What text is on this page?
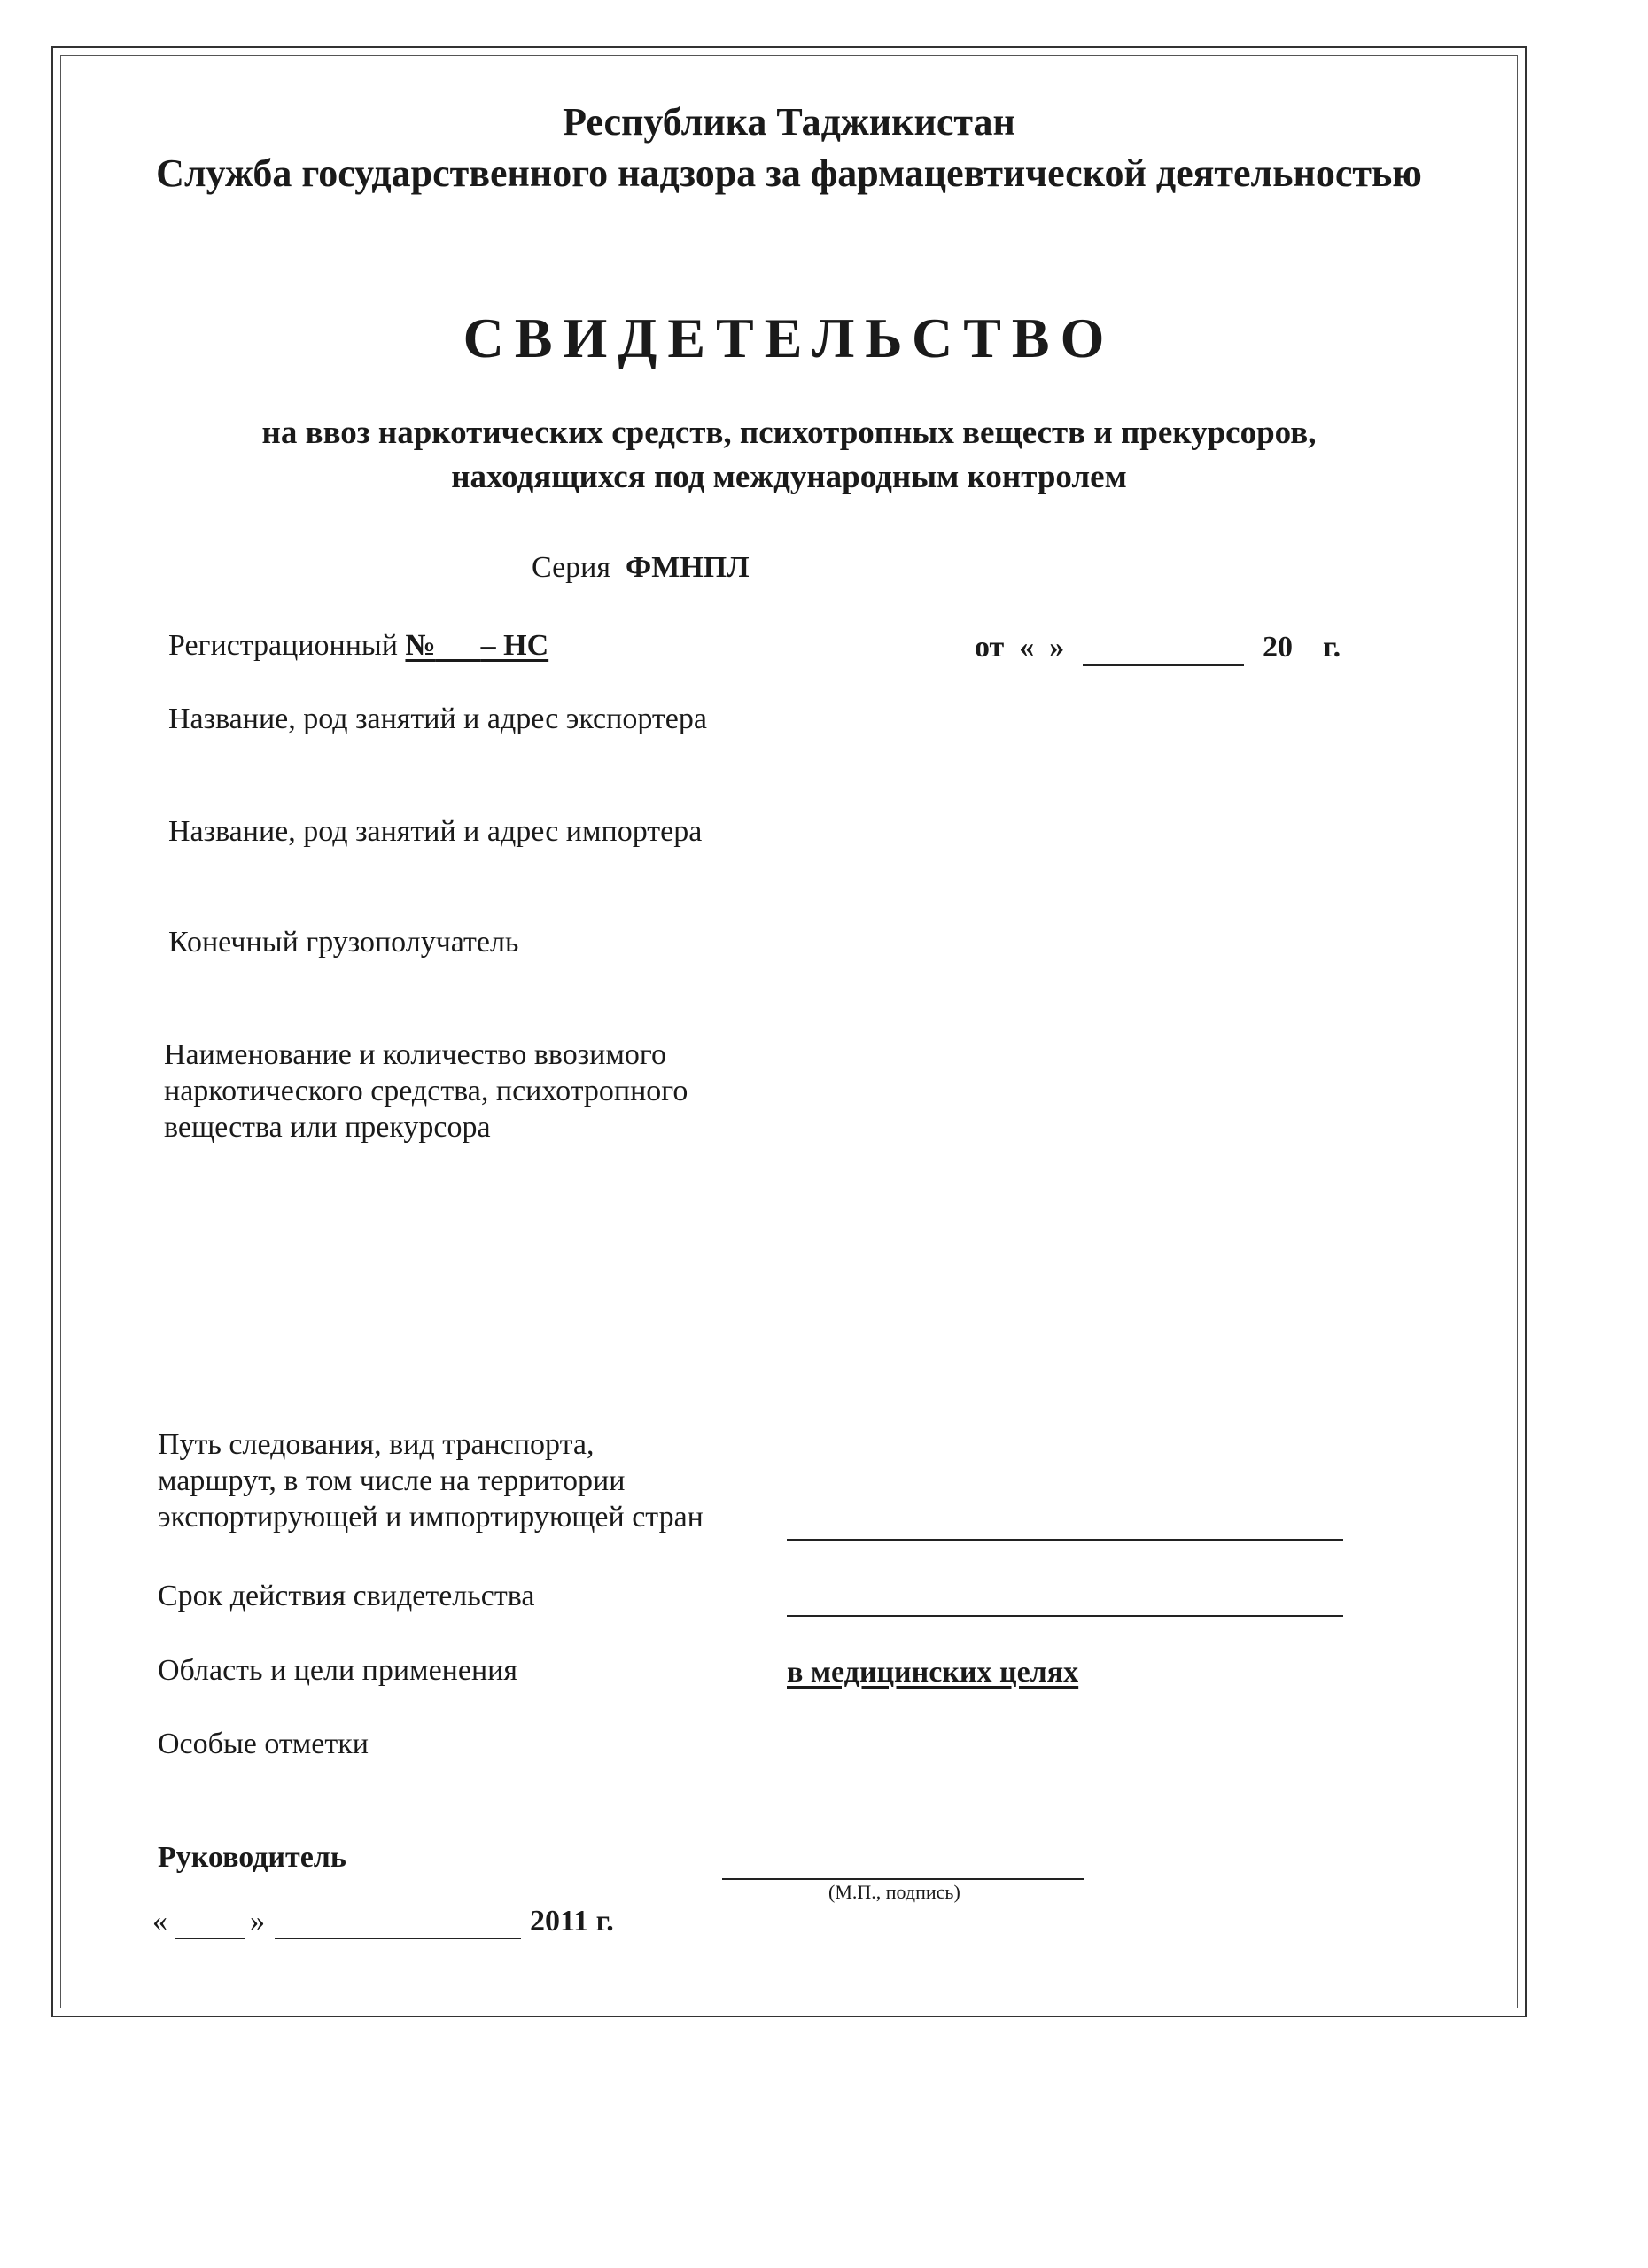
Республика Таджикистан
Служба государственного надзора за фармацевтической деятельностью
СВИДЕТЕЛЬСТВО
на ввоз наркотических средств, психотропных веществ и прекурсоров,
находящихся под международным контролем
Серия ФМНПЛ
Регистрационный № – НС	от « »	20 г.
Название, род занятий и адрес экспортера
Название, род занятий и адрес импортера
Конечный грузополучатель
Наименование и количество ввозимого
наркотического средства, психотропного
вещества или прекурсора
Путь следования, вид транспорта,
маршрут, в том числе на территории
экспортирующей и импортирующей стран
Срок действия свидетельства
Область и цели применения	в медицинских целях
Особые отметки
Руководитель
(М.П., подпись)
«	»	2011 г.
